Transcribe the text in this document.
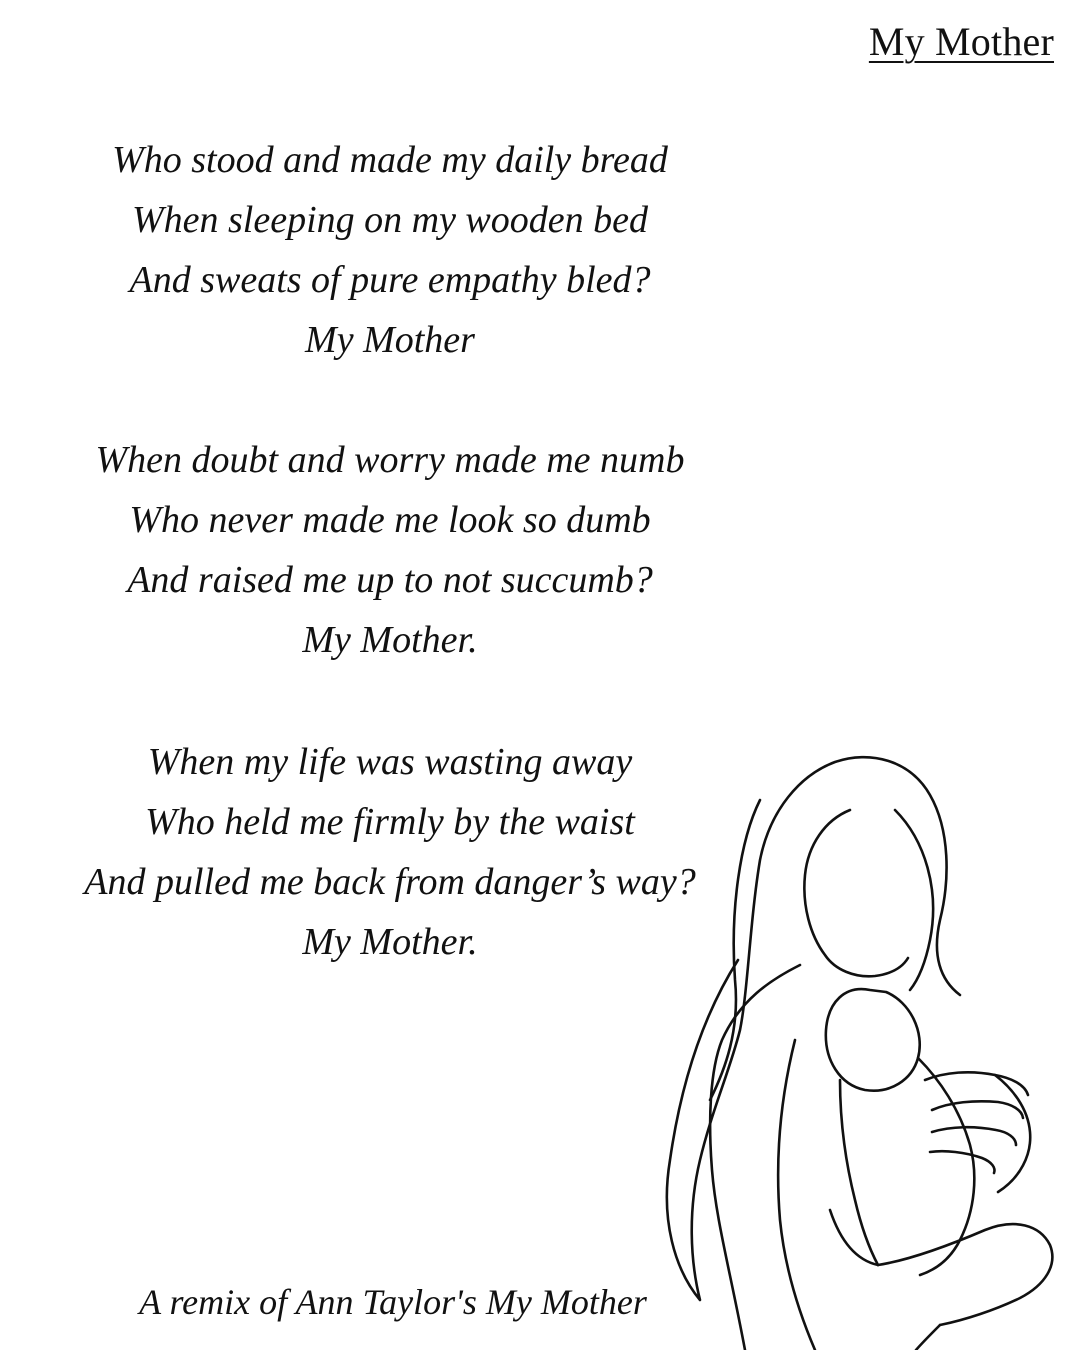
My Mother
Who stood and made my daily bread
When sleeping on my wooden bed
And sweats of pure empathy bled?
My Mother
When doubt and worry made me numb
Who never made me look so dumb
And raised me up to not succumb?
My Mother.
When my life was wasting away
Who held me firmly by the waist
And pulled me back from danger’s way?
My Mother.
A remix of Ann Taylor's My Mother
